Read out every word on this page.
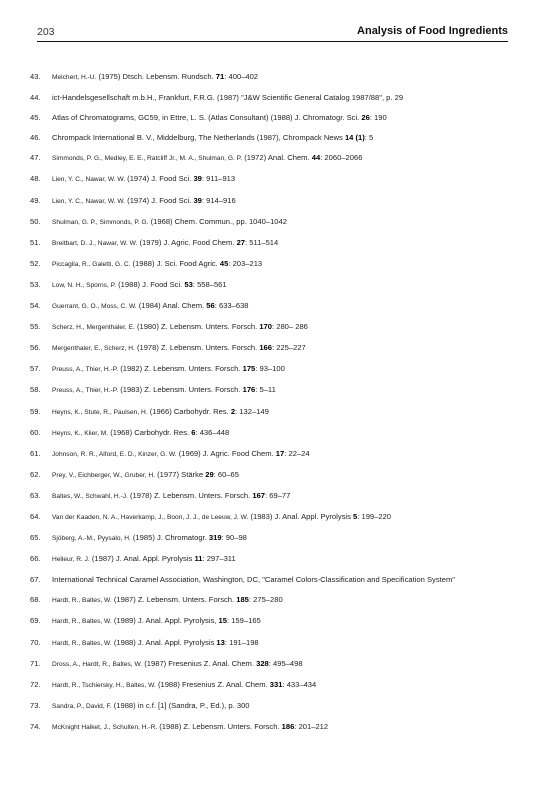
203	Analysis of Food Ingredients
43.	Melchert, H.-U. (1975) Dtsch. Lebensm. Rundsch. 71: 400–402
44.	ict-Handelsgesellschaft m.b.H., Frankfurt, F.R.G. (1987) "J&W Scientific General Catalog 1987/88", p. 29
45.	Atlas of Chromatograms, GC59, in Ettre, L. S. (Atlas Consultant) (1988) J. Chromatogr. Sci. 26: 190
46.	Chrompack International B. V., Middelburg, The Netherlands (1987), Chrompack News 14 (1): 5
47.	Simmonds, P. G., Medley, E. E., Ratcliff Jr., M. A., Shulman, G. P. (1972) Anal. Chem. 44: 2060–2066
48.	Lien, Y. C., Nawar, W. W. (1974) J. Food Sci. 39: 911–913
49.	Lien, Y. C., Nawar, W. W. (1974) J. Food Sci. 39: 914–916
50.	Shulman, G. P., Simmonds, P. G. (1968) Chem. Commun., pp. 1040–1042
51.	Breitbart, D. J., Nawar, W. W. (1979) J. Agric. Food Chem. 27: 511–514
52.	Piccaglia, R., Galetti, G. C. (1988) J. Sci. Food Agric. 45: 203–213
53.	Low, N. H., Sporns, P. (1988) J. Food Sci. 53: 558–561
54.	Guerrant, G. O., Moss, C. W. (1984) Anal. Chem. 56: 633–638
55.	Scherz, H., Mergenthaler, E. (1980) Z. Lebensm. Unters. Forsch. 170: 280– 286
56.	Mergenthaler, E., Scherz, H. (1978) Z. Lebensm. Unters. Forsch. 166: 225–227
57.	Preuss, A., Thier, H.-P. (1982) Z. Lebensm. Unters. Forsch. 175: 93–100
58.	Preuss, A., Thier, H.-P. (1983) Z. Lebensm. Unters. Forsch. 176: 5–11
59.	Heyns, K., Stute, R., Paulsen, H. (1966) Carbohydr. Res. 2: 132–149
60.	Heyns, K., Klier, M. (1968) Carbohydr. Res. 6: 436–448
61.	Johnson, R. R., Alford, E. D., Kinzer, G. W. (1969) J. Agric. Food Chem. 17: 22–24
62.	Prey, V., Eichberger, W., Gruber, H. (1977) Stärke 29: 60–65
63.	Baltes, W., Schwahl, H.-J. (1978) Z. Lebensm. Unters. Forsch. 167: 69–77
64.	Van der Kaaden, N. A., Haverkamp, J., Boon, J. J., de Leeuw, J. W. (1983) J. Anal. Appl. Pyrolysis 5: 199–220
65.	Sjöberg, A.-M., Pyysalo, H. (1985) J. Chromatogr. 319: 90–98
66.	Helleur, R. J. (1987) J. Anal. Appl. Pyrolysis 11: 297–311
67.	International Technical Caramel Association, Washington, DC, "Caramel Colors-Classification and Specification System"
68.	Hardt, R., Baltes, W. (1987) Z. Lebensm. Unters. Forsch. 185: 275–280
69.	Hardt, R., Baltes, W. (1989) J. Anal. Appl. Pyrolysis, 15: 159–165
70.	Hardt, R., Baltes, W. (1988) J. Anal. Appl. Pyrolysis 13: 191–198
71.	Dross, A., Hardt, R., Baltes, W. (1987) Fresenius Z. Anal. Chem. 328: 495–498
72.	Hardt, R., Tschiersky, H., Baltes, W. (1988) Fresenius Z. Anal. Chem. 331: 433–434
73.	Sandra, P., David, F. (1988) in c.f. [1] (Sandra, P., Ed.), p. 300
74.	McKnight Halket, J., Schulten, H.-R. (1988) Z. Lebensm. Unters. Forsch. 186: 201–212
